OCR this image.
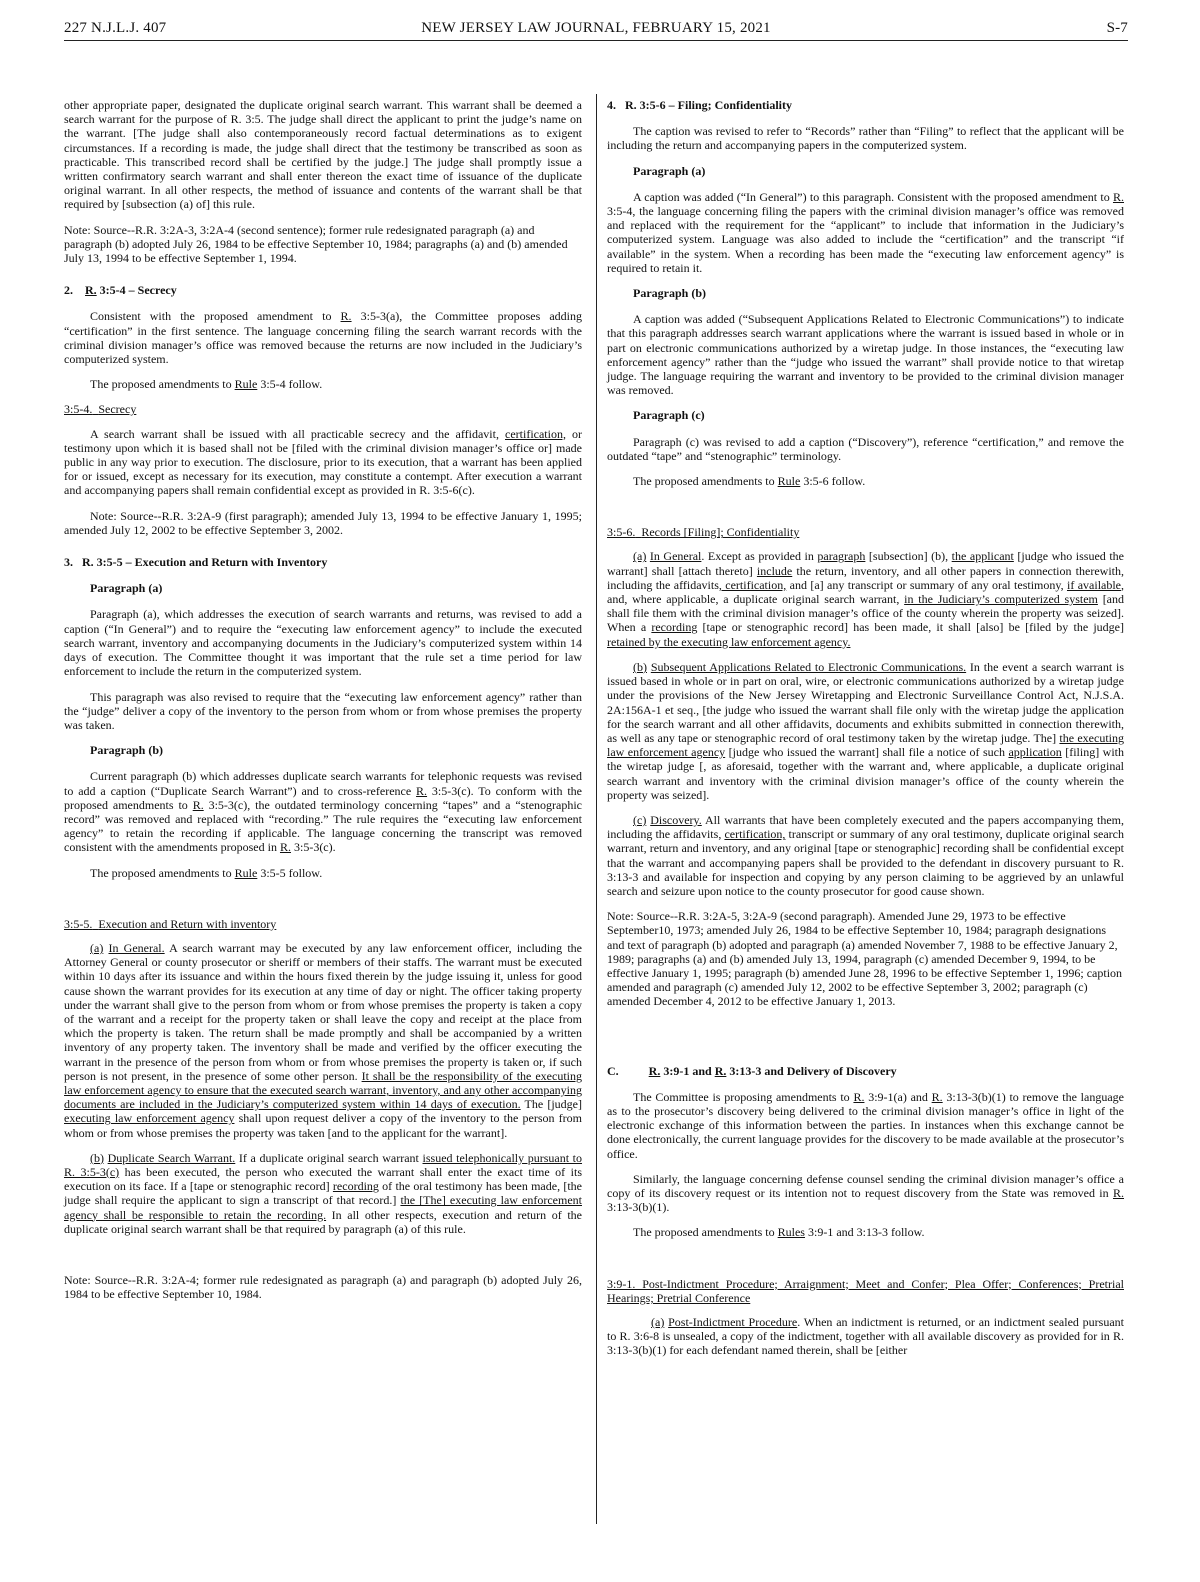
227 N.J.L.J. 407	NEW JERSEY LAW JOURNAL, FEBRUARY 15, 2021	S-7

other appropriate paper, designated the duplicate original search warrant. This warrant shall be deemed a search warrant for the purpose of R. 3:5. The judge shall direct the applicant to print the judge’s name on the warrant. [The judge shall also contemporaneously record factual determinations as to exigent circumstances. If a recording is made, the judge shall direct that the testimony be transcribed as soon as practicable. This transcribed record shall be certified by the judge.] The judge shall promptly issue a written confirmatory search warrant and shall enter thereon the exact time of issuance of the duplicate original warrant. In all other respects, the method of issuance and contents of the warrant shall be that required by [subsection (a) of] this rule.

Note: Source--R.R. 3:2A-3, 3:2A-4 (second sentence); former rule redesignated paragraph (a) and paragraph (b) adopted July 26, 1984 to be effective September 10, 1984; paragraphs (a) and (b) amended July 13, 1994 to be effective September 1, 1994.

2. R. 3:5-4 – Secrecy

Consistent with the proposed amendment to R. 3:5-3(a), the Committee proposes adding “certification” in the first sentence. The language concerning filing the search warrant records with the criminal division manager’s office was removed because the returns are now included in the Judiciary’s computerized system.

The proposed amendments to Rule 3:5-4 follow.

3:5-4. Secrecy

A search warrant shall be issued with all practicable secrecy and the affidavit, certification, or testimony upon which it is based shall not be [filed with the criminal division manager’s office or] made public in any way prior to execution. The disclosure, prior to its execution, that a warrant has been applied for or issued, except as necessary for its execution, may constitute a contempt. After execution a warrant and accompanying papers shall remain confidential except as provided in R. 3:5-6(c).

Note: Source--R.R. 3:2A-9 (first paragraph); amended July 13, 1994 to be effective January 1, 1995; amended July 12, 2002 to be effective September 3, 2002.

3.   R. 3:5-5 – Execution and Return with Inventory
Paragraph (a)

Paragraph (a), which addresses the execution of search warrants and returns, was revised to add a caption (“In General”) and to require the “executing law enforcement agency” to include the executed search warrant, inventory and accompanying documents in the Judiciary’s computerized system within 14 days of execution. The Committee thought it was important that the rule set a time period for law enforcement to include the return in the computerized system.

This paragraph was also revised to require that the “executing law enforcement agency” rather than the “judge” deliver a copy of the inventory to the person from whom or from whose premises the property was taken.

Paragraph (b)

Current paragraph (b) which addresses duplicate search warrants for telephonic requests was revised to add a caption (“Duplicate Search Warrant”) and to cross-reference R. 3:5-3(c). To conform with the proposed amendments to R. 3:5-3(c), the outdated terminology concerning “tapes” and a “stenographic record” was removed and replaced with “recording.” The rule requires the “executing law enforcement agency” to retain the recording if applicable. The language concerning the transcript was removed consistent with the amendments proposed in R. 3:5-3(c).

The proposed amendments to Rule 3:5-5 follow.

3:5-5. Execution and Return with inventory

(a) In General. A search warrant may be executed by any law enforcement officer, including the Attorney General or county prosecutor or sheriff or members of their staffs. The warrant must be executed within 10 days after its issuance and within the hours fixed therein by the judge issuing it, unless for good cause shown the warrant provides for its execution at any time of day or night. The officer taking property under the warrant shall give to the person from whom or from whose premises the property is taken a copy of the warrant and a receipt for the property taken or shall leave the copy and receipt at the place from which the property is taken. The return shall be made promptly and shall be accompanied by a written inventory of any property taken. The inventory shall be made and verified by the officer executing the warrant in the presence of the person from whom or from whose premises the property is taken or, if such person is not present, in the presence of some other person. It shall be the responsibility of the executing law enforcement agency to ensure that the executed search warrant, inventory, and any other accompanying documents are included in the Judiciary’s computerized system within 14 days of execution. The [judge] executing law enforcement agency shall upon request deliver a copy of the inventory to the person from whom or from whose premises the property was taken [and to the applicant for the warrant].

(b) Duplicate Search Warrant. If a duplicate original search warrant issued telephonically pursuant to R. 3:5-3(c) has been executed, the person who executed the warrant shall enter the exact time of its execution on its face. If a [tape or stenographic record] recording of the oral testimony has been made, [the judge shall require the applicant to sign a transcript of that record.] the [The] executing law enforcement agency shall be responsible to retain the recording. In all other respects, execution and return of the duplicate original search warrant shall be that required by paragraph (a) of this rule.

Note: Source--R.R. 3:2A-4; former rule redesignated as paragraph (a) and paragraph (b) adopted July 26, 1984 to be effective September 10, 1984.

4.   R. 3:5-6 – Filing; Confidentiality

The caption was revised to refer to “Records” rather than “Filing” to reflect that the applicant will be including the return and accompanying papers in the computerized system.

Paragraph (a)

A caption was added (“In General”) to this paragraph. Consistent with the proposed amendment to R. 3:5-4, the language concerning filing the papers with the criminal division manager’s office was removed and replaced with the requirement for the “applicant” to include that information in the Judiciary’s computerized system. Language was also added to include the “certification” and the transcript “if available” in the system. When a recording has been made the “executing law enforcement agency” is required to retain it.

Paragraph (b)

A caption was added (“Subsequent Applications Related to Electronic Communications”) to indicate that this paragraph addresses search warrant applications where the warrant is issued based in whole or in part on electronic communications authorized by a wiretap judge. In those instances, the “executing law enforcement agency” rather than the “judge who issued the warrant” shall provide notice to that wiretap judge. The language requiring the warrant and inventory to be provided to the criminal division manager was removed.

Paragraph (c)

Paragraph (c) was revised to add a caption (“Discovery”), reference “certification,” and remove the outdated “tape” and “stenographic” terminology.

The proposed amendments to Rule 3:5-6 follow.

3:5-6. Records [Filing]; Confidentiality

(a) In General. Except as provided in paragraph [subsection] (b), the applicant [judge who issued the warrant] shall [attach thereto] include the return, inventory, and all other papers in connection therewith, including the affidavits, certification, and [a] any transcript or summary of any oral testimony, if available, and, where applicable, a duplicate original search warrant, in the Judiciary’s computerized system [and shall file them with the criminal division manager’s office of the county wherein the property was seized]. When a recording [tape or stenographic record] has been made, it shall [also] be [filed by the judge] retained by the executing law enforcement agency.

(b) Subsequent Applications Related to Electronic Communications. In the event a search warrant is issued based in whole or in part on oral, wire, or electronic communications authorized by a wiretap judge under the provisions of the New Jersey Wiretapping and Electronic Surveillance Control Act, N.J.S.A. 2A:156A-1 et seq., [the judge who issued the warrant shall file only with the wiretap judge the application for the search warrant and all other affidavits, documents and exhibits submitted in connection therewith, as well as any tape or stenographic record of oral testimony taken by the wiretap judge. The] the executing law enforcement agency [judge who issued the warrant] shall file a notice of such application [filing] with the wiretap judge [, as aforesaid, together with the warrant and, where applicable, a duplicate original search warrant and inventory with the criminal division manager’s office of the county wherein the property was seized].

(c) Discovery. All warrants that have been completely executed and the papers accompanying them, including the affidavits, certification, transcript or summary of any oral testimony, duplicate original search warrant, return and inventory, and any original [tape or stenographic] recording shall be confidential except that the warrant and accompanying papers shall be provided to the defendant in discovery pursuant to R. 3:13-3 and available for inspection and copying by any person claiming to be aggrieved by an unlawful search and seizure upon notice to the county prosecutor for good cause shown.

Note: Source--R.R. 3:2A-5, 3:2A-9 (second paragraph). Amended June 29, 1973 to be effective September10, 1973; amended July 26, 1984 to be effective September 10, 1984; paragraph designations and text of paragraph (b) adopted and paragraph (a) amended November 7, 1988 to be effective January 2, 1989; paragraphs (a) and (b) amended July 13, 1994, paragraph (c) amended December 9, 1994, to be effective January 1, 1995; paragraph (b) amended June 28, 1996 to be effective September 1, 1996; caption amended and paragraph (c) amended July 12, 2002 to be effective September 3, 2002; paragraph (c) amended December 4, 2012 to be effective January 1, 2013.

C.	R. 3:9-1 and R. 3:13-3 and Delivery of Discovery

The Committee is proposing amendments to R. 3:9-1(a) and R. 3:13-3(b)(1) to remove the language as to the prosecutor’s discovery being delivered to the criminal division manager’s office in light of the electronic exchange of this information between the parties. In instances when this exchange cannot be done electronically, the current language provides for the discovery to be made available at the prosecutor’s office.

Similarly, the language concerning defense counsel sending the criminal division manager’s office a copy of its discovery request or its intention not to request discovery from the State was removed in R. 3:13-3(b)(1).

The proposed amendments to Rules 3:9-1 and 3:13-3 follow.

3:9-1. Post-Indictment Procedure; Arraignment; Meet and Confer; Plea Offer; Conferences; Pretrial Hearings; Pretrial Conference

(a) Post-Indictment Procedure. When an indictment is returned, or an indictment sealed pursuant to R. 3:6-8 is unsealed, a copy of the indictment, together with all available discovery as provided for in R. 3:13-3(b)(1) for each defendant named therein, shall be [either
